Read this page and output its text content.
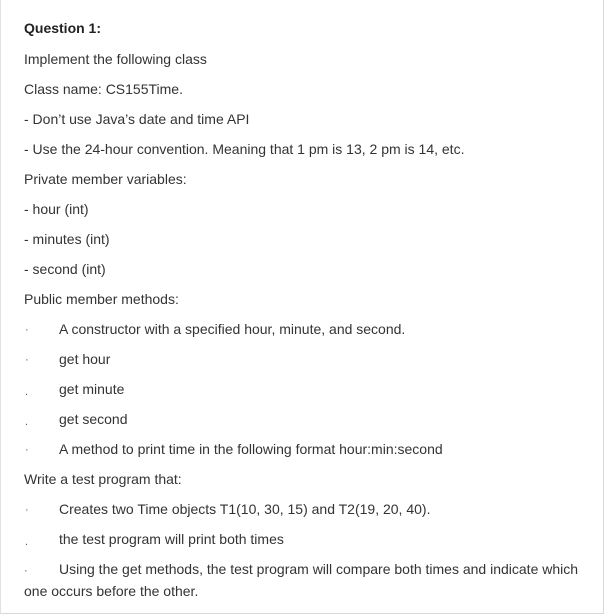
Question 1:
Implement the following class
Class name: CS155Time.
- Don’t use Java’s date and time API
- Use the 24-hour convention. Meaning that 1 pm is 13, 2 pm is 14, etc.
Private member variables:
- hour (int)
- minutes (int)
- second (int)
Public member methods:
· A constructor with a specified hour, minute, and second.
· get hour
. get minute
. get second
· A method to print time in the following format hour:min:second
Write a test program that:
· Creates two Time objects T1(10, 30, 15) and T2(19, 20, 40).
. the test program will print both times
· Using the get methods, the test program will compare both times and indicate which one occurs before the other.
